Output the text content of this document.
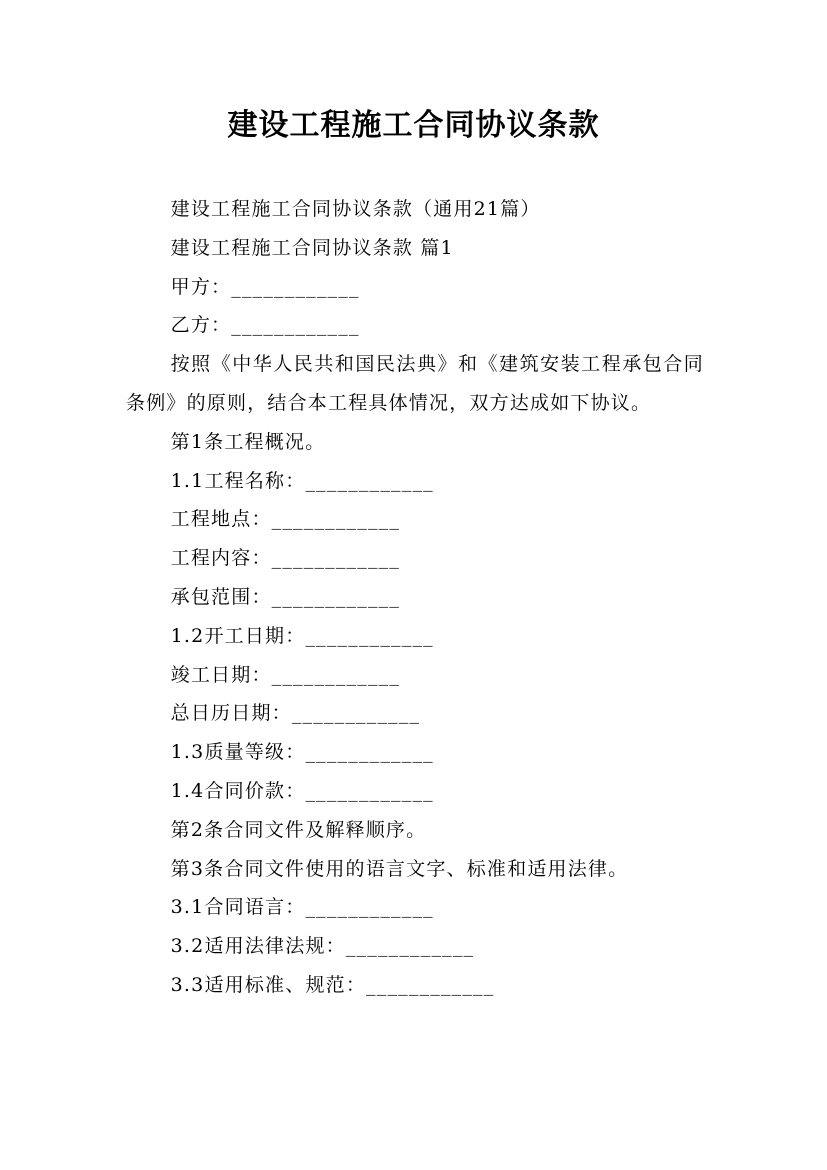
建设工程施工合同协议条款

建设工程施工合同协议条款（通用21篇）

建设工程施工合同协议条款 篇1

甲方：____________

乙方：____________

按照《中华人民共和国民法典》和《建筑安装工程承包合同条例》的原则，结合本工程具体情况，双方达成如下协议。

第1条工程概况。

1.1工程名称：____________

工程地点：____________

工程内容：____________

承包范围：____________

1.2开工日期：____________

竣工日期：____________

总日历日期：____________

1.3质量等级：____________

1.4合同价款：____________

第2条合同文件及解释顺序。

第3条合同文件使用的语言文字、标准和适用法律。

3.1合同语言：____________

3.2适用法律法规：____________

3.3适用标准、规范：____________
